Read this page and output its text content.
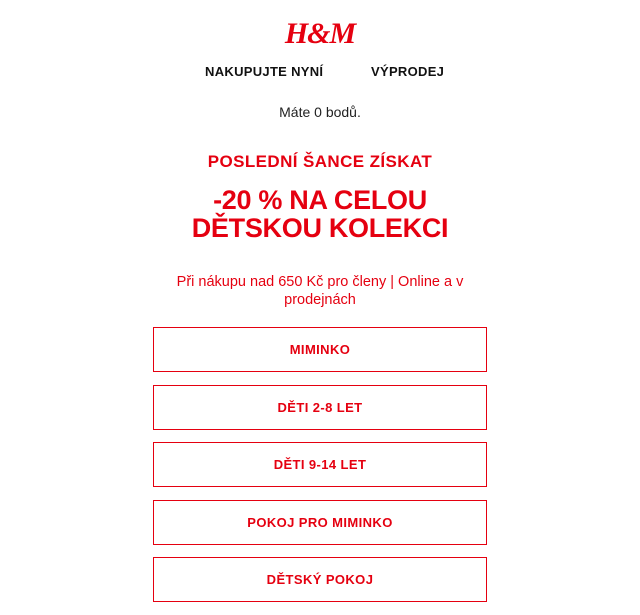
H&M
NAKUPUJTE NYNÍ	VÝPRODEJ
Máte 0 bodů.
POSLEDNÍ ŠANCE ZÍSKAT
-20 % NA CELOU
DĚTSKOU KOLEKCI
Při nákupu nad 650 Kč pro členy | Online a v prodejnách
MIMINKO
DĚTI 2-8 LET
DĚTI 9-14 LET
POKOJ PRO MIMINKO
DĚTSKÝ POKOJ
